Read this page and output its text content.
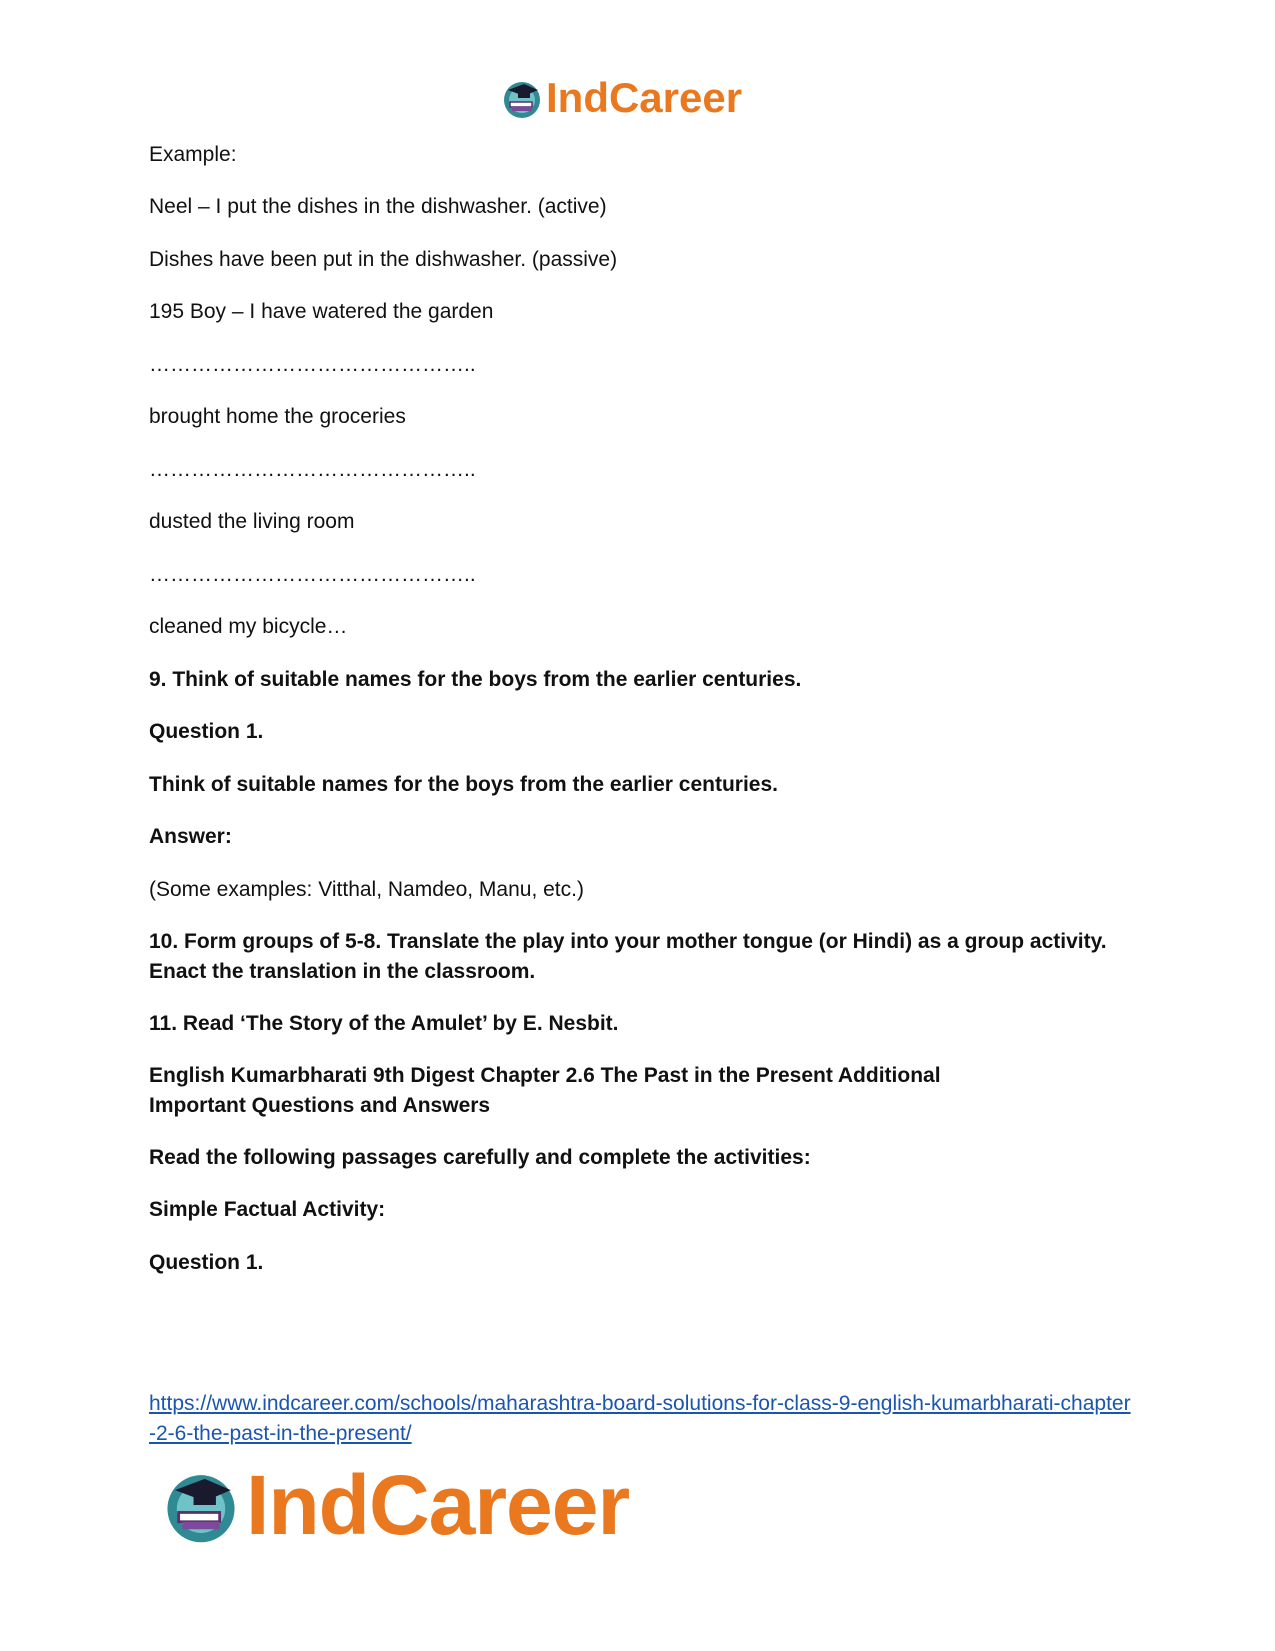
IndCareer
Example:
Neel – I put the dishes in the dishwasher. (active)
Dishes have been put in the dishwasher. (passive)
195 Boy – I have watered the garden
………………………………………..
brought home the groceries
………………………………………..
dusted the living room
………………………………………..
cleaned my bicycle…
9. Think of suitable names for the boys from the earlier centuries.
Question 1.
Think of suitable names for the boys from the earlier centuries.
Answer:
(Some examples: Vitthal, Namdeo, Manu, etc.)
10. Form groups of 5-8. Translate the play into your mother tongue (or Hindi) as a group activity. Enact the translation in the classroom.
11. Read ‘The Story of the Amulet’ by E. Nesbit.
English Kumarbharati 9th Digest Chapter 2.6 The Past in the Present Additional Important Questions and Answers
Read the following passages carefully and complete the activities:
Simple Factual Activity:
Question 1.
https://www.indcareer.com/schools/maharashtra-board-solutions-for-class-9-english-kumarbharati-chapter-2-6-the-past-in-the-present/
IndCareer
